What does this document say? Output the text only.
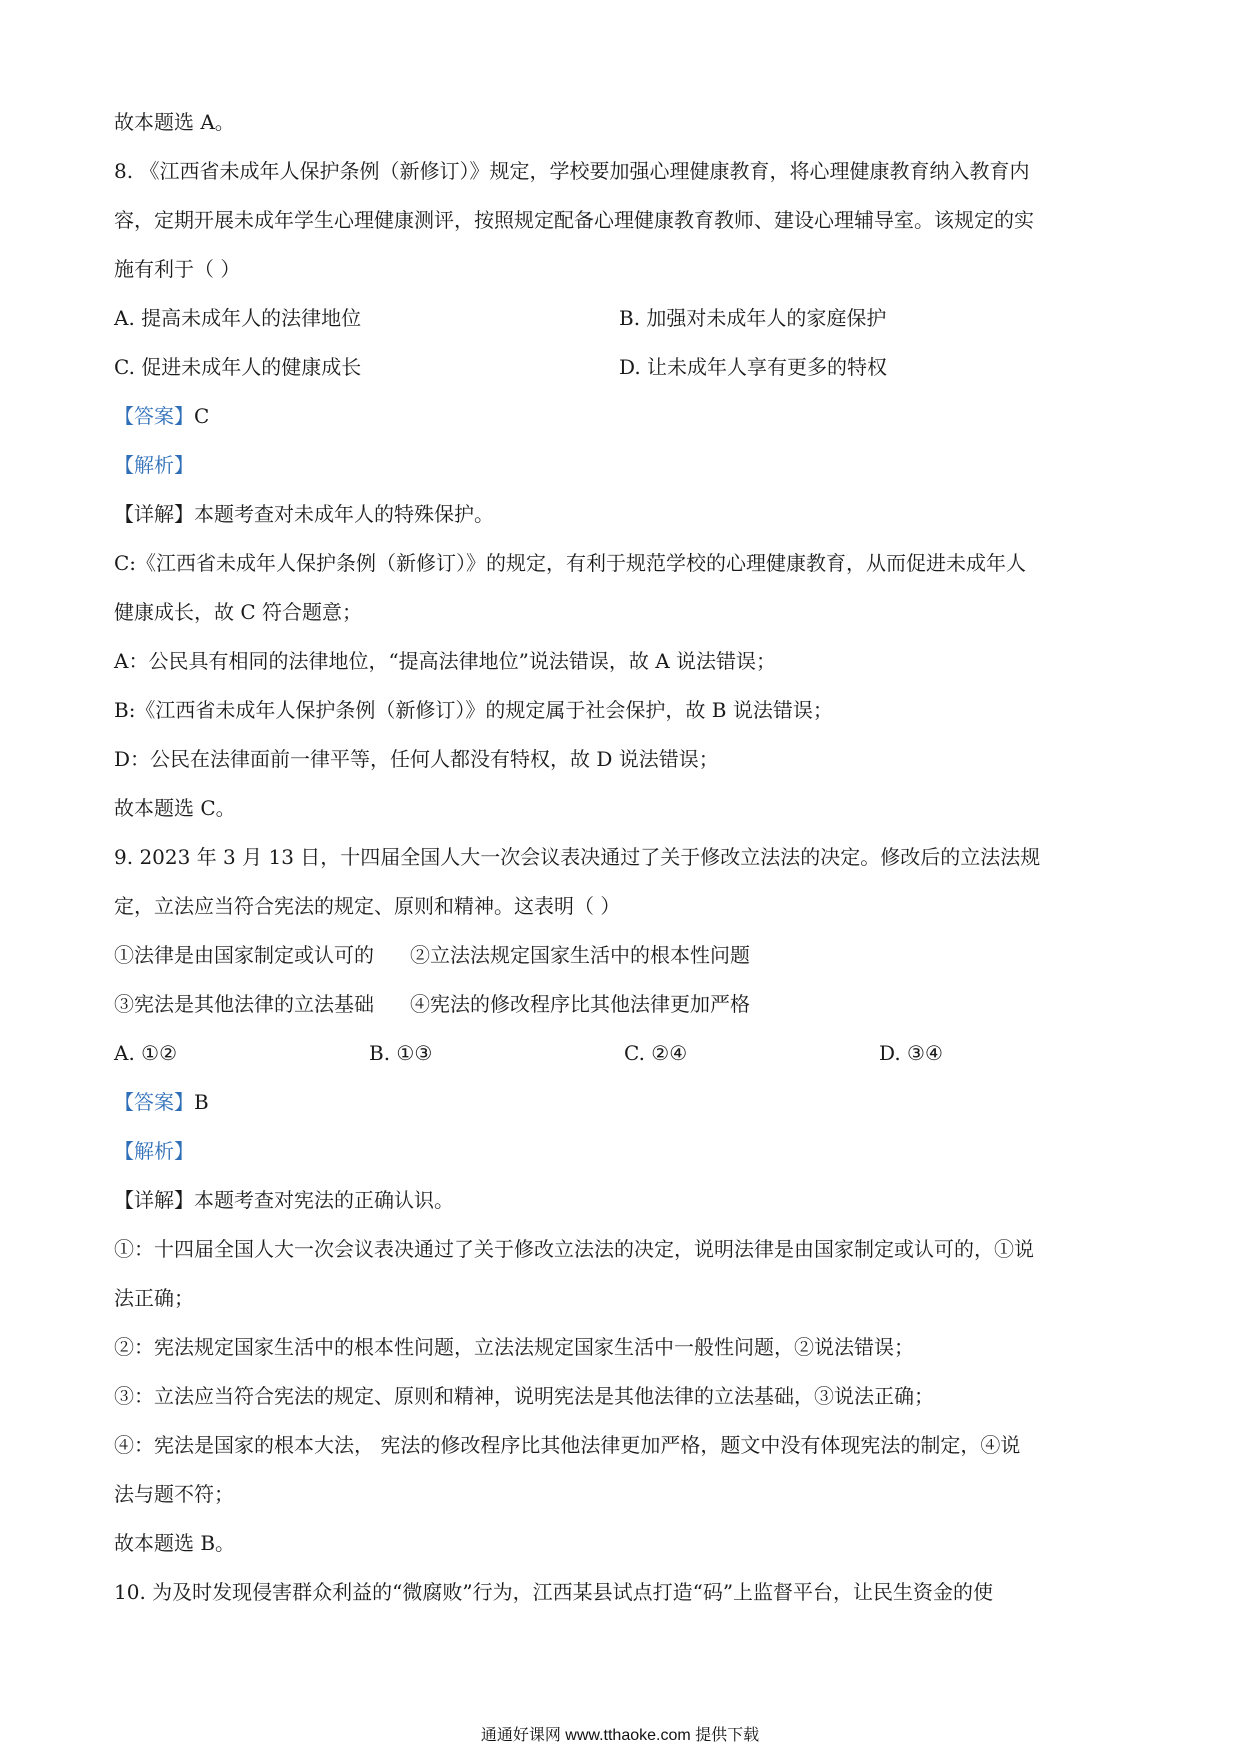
故本题选 A。
8. 《江西省未成年人保护条例（新修订）》规定，学校要加强心理健康教育，将心理健康教育纳入教育内
容，定期开展未成年学生心理健康测评，按照规定配备心理健康教育教师、建设心理辅导室。该规定的实
施有利于（ ）
A. 提高未成年人的法律地位	B. 加强对未成年人的家庭保护
C. 促进未成年人的健康成长	D. 让未成年人享有更多的特权
【答案】C
【解析】
【详解】本题考查对未成年人的特殊保护。
C:《江西省未成年人保护条例（新修订）》的规定，有利于规范学校的心理健康教育，从而促进未成年人
健康成长，故 C 符合题意；
A：公民具有相同的法律地位，“提高法律地位”说法错误，故 A 说法错误；
B:《江西省未成年人保护条例（新修订）》的规定属于社会保护，故 B 说法错误；
D：公民在法律面前一律平等，任何人都没有特权，故 D 说法错误；
故本题选 C。
9. 2023 年 3 月 13 日，十四届全国人大一次会议表决通过了关于修改立法法的决定。修改后的立法法规
定，立法应当符合宪法的规定、原则和精神。这表明（ ）
①法律是由国家制定或认可的 ②立法法规定国家生活中的根本性问题
③宪法是其他法律的立法基础 ④宪法的修改程序比其他法律更加严格
A. ①②	B. ①③	C. ②④	D. ③④
【答案】B
【解析】
【详解】本题考查对宪法的正确认识。
①：十四届全国人大一次会议表决通过了关于修改立法法的决定，说明法律是由国家制定或认可的，①说
法正确；
②：宪法规定国家生活中的根本性问题，立法法规定国家生活中一般性问题，②说法错误；
③：立法应当符合宪法的规定、原则和精神，说明宪法是其他法律的立法基础，③说法正确；
④：宪法是国家的根本大法， 宪法的修改程序比其他法律更加严格，题文中没有体现宪法的制定，④说
法与题不符；
故本题选 B。
10. 为及时发现侵害群众利益的“微腐败”行为，江西某县试点打造“码”上监督平台，让民生资金的使
通通好课网 www.tthaoke.com 提供下载
